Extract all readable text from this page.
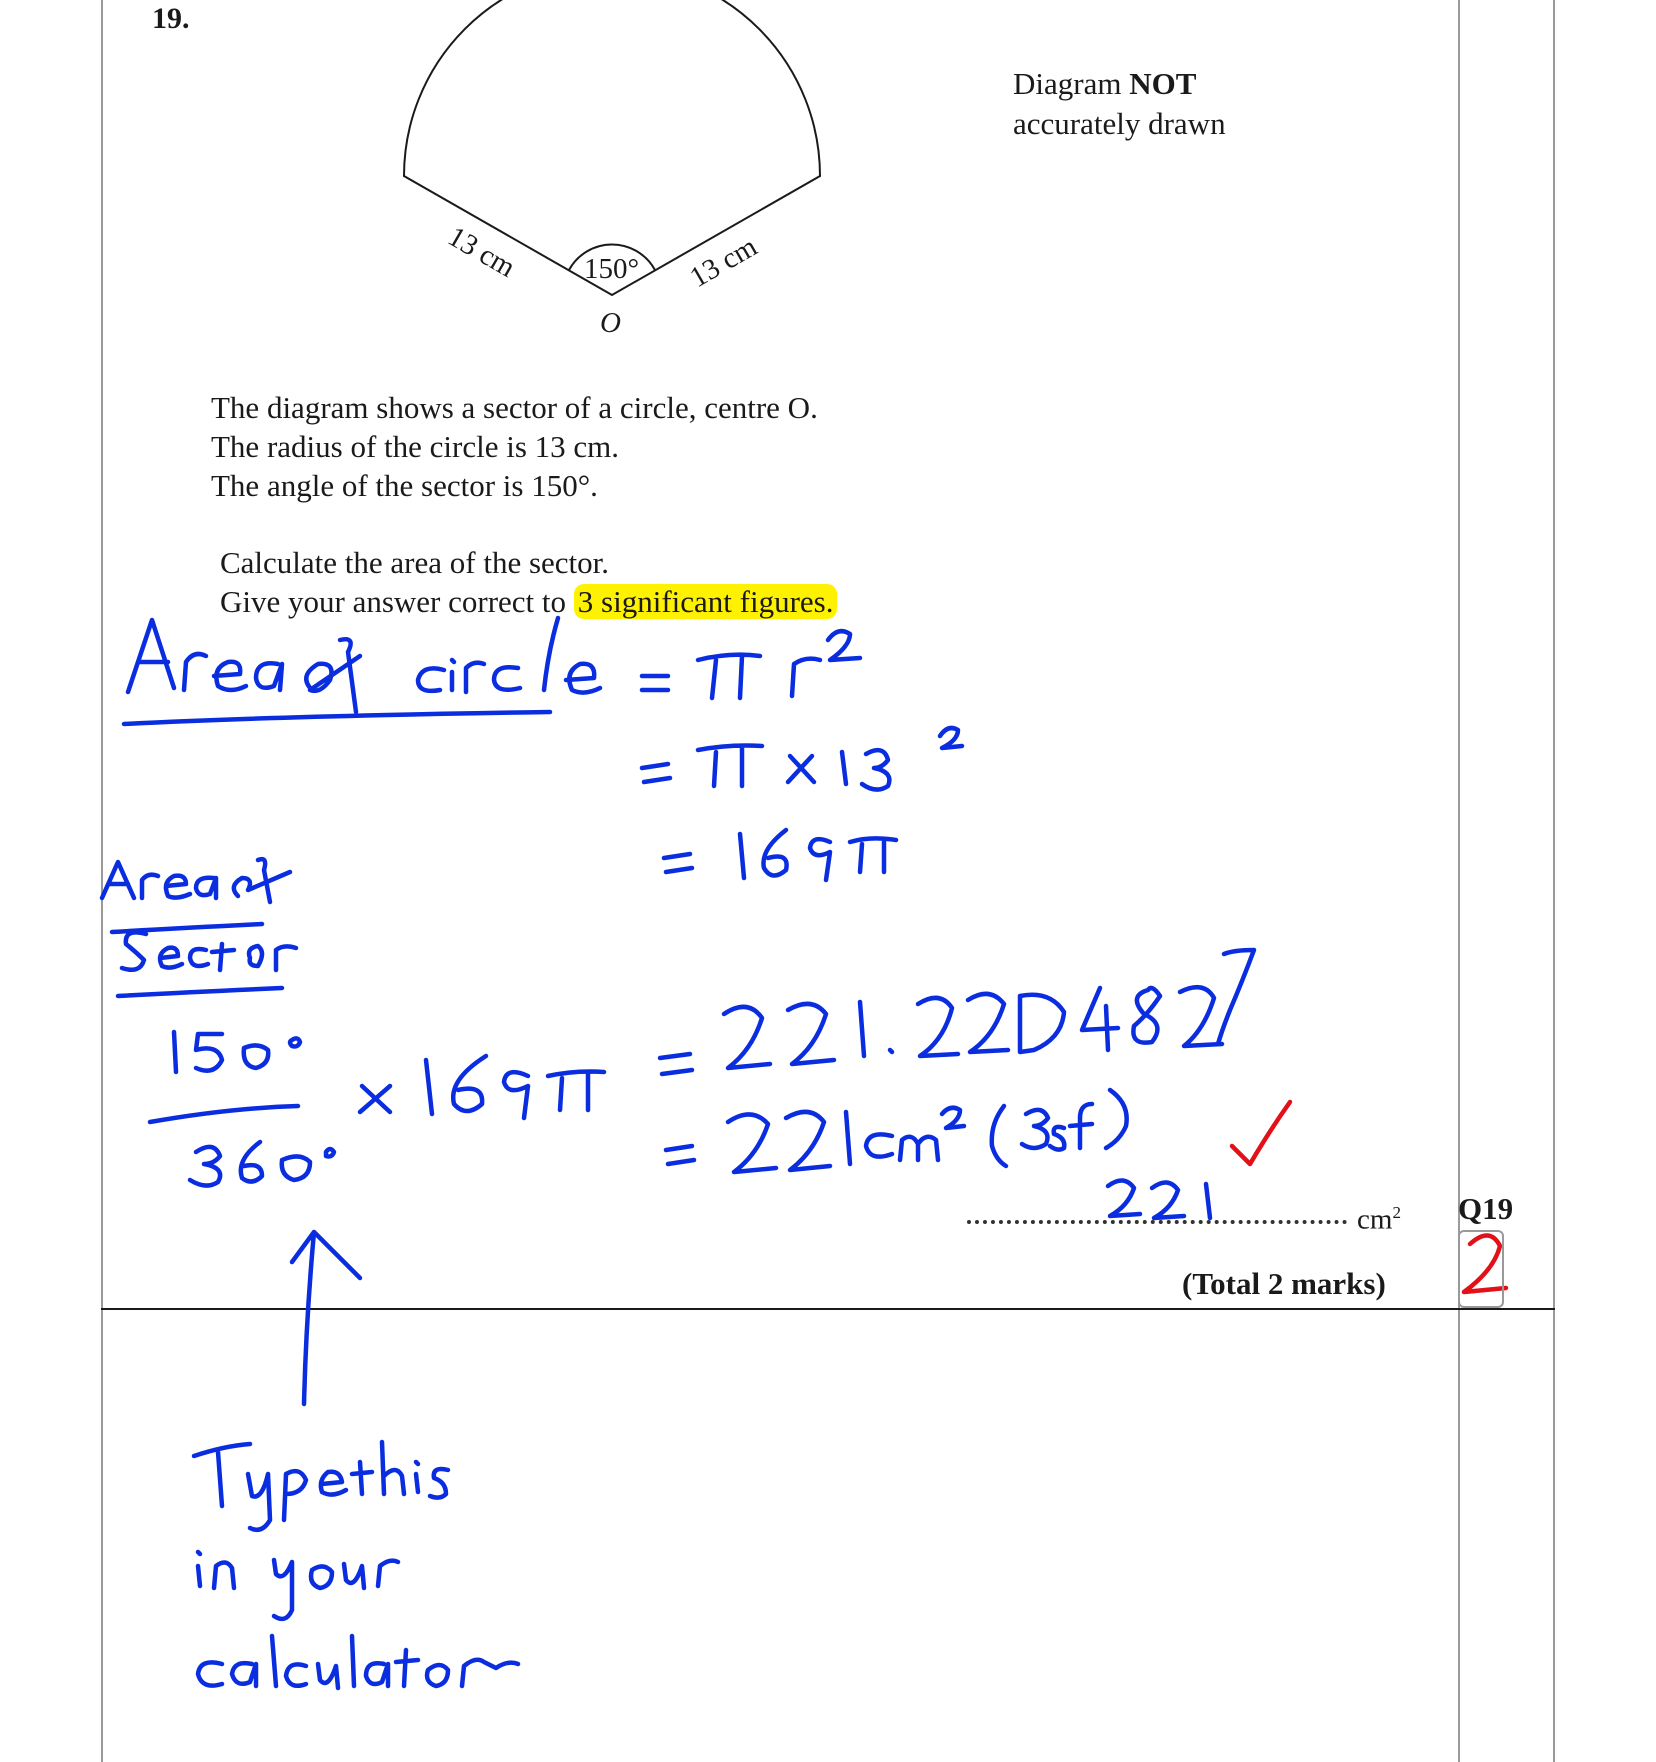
19.
Diagram NOT
accurately drawn
13 cm	13 cm
150°
O
The diagram shows a sector of a circle, centre O.
The radius of the circle is 13 cm.
The angle of the sector is 150°.
Calculate the area of the sector.
Give your answer correct to 3 significant figures.
$cm^2$
(Total 2 marks)
Q19
